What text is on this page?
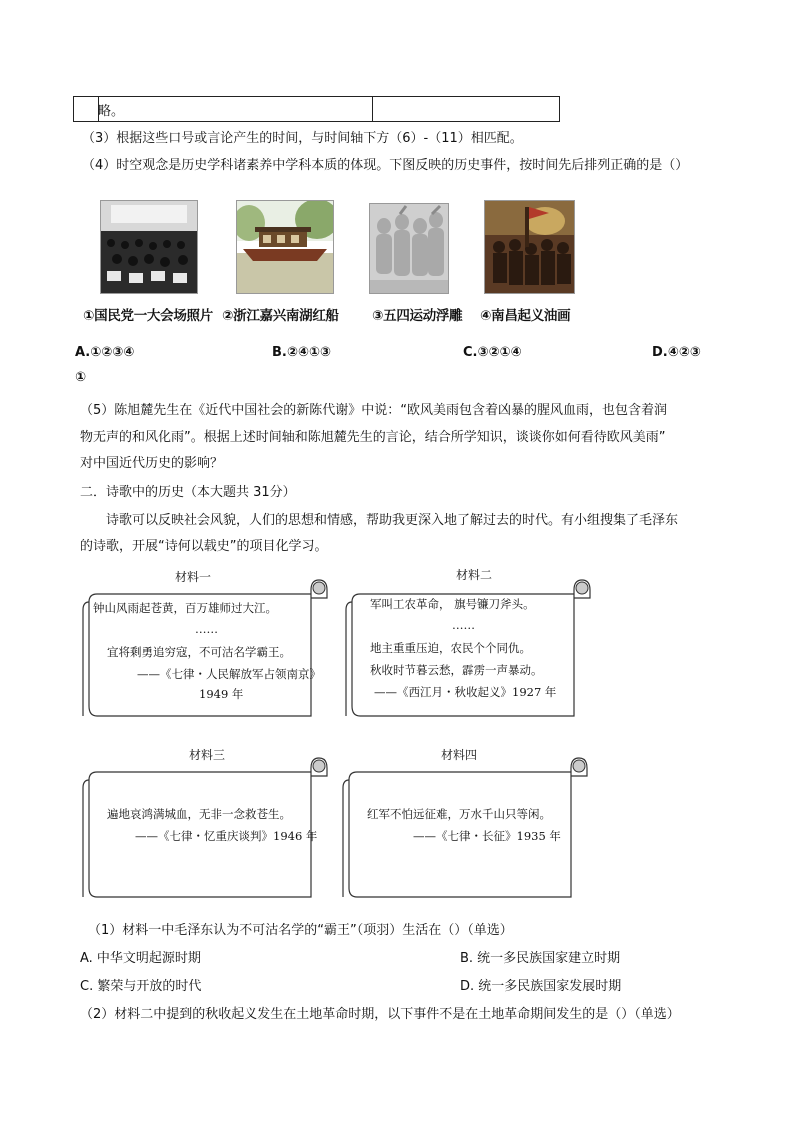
略。
（3）根据这些口号或言论产生的时间，与时间轴下方（6）-（11）相匹配。
（4）时空观念是历史学科诸素养中学科本质的体现。下图反映的历史事件，按时间先后排列正确的是（）
①国民党一大会场照片 ②浙江嘉兴南湖红船 ③五四运动浮雕 ④南昌起义油画
A.①②③④	B.②④①③	C.③②①④	D.④②③
①
（5）陈旭麓先生在《近代中国社会的新陈代谢》中说：“欧风美雨包含着凶暴的腥风血雨，也包含着润
物无声的和风化雨”。根据上述时间轴和陈旭麓先生的言论，结合所学知识，谈谈你如何看待欧风美雨”
对中国近代历史的影响？
二．诗歌中的历史（本大题共 31分）
诗歌可以反映社会风貌，人们的思想和情感，帮助我更深入地了解过去的时代。有小组搜集了毛泽东
的诗歌，开展“诗何以载史”的项目化学习。
材料一
钟山风雨起苍黄，百万雄师过大江。
……
宜将剩勇追穷寇，不可沽名学霸王。
——《七律・人民解放军占领南京》
1949 年
材料二
军叫工农革命， 旗号镰刀斧头。
……
地主重重压迫，农民个个同仇。
秋收时节暮云愁，霹雳一声暴动。
——《西江月・秋收起义》1927 年
材料三
遍地哀鸿满城血，无非一念救苍生。
——《七律・忆重庆谈判》1946 年
材料四
红军不怕远征难，万水千山只等闲。
——《七律・长征》1935 年
（1）材料一中毛泽东认为不可沽名学的“霸王”（项羽）生活在（）（单选）
A. 中华文明起源时期	B. 统一多民族国家建立时期
C. 繁荣与开放的时代	D. 统一多民族国家发展时期
（2）材料二中提到的秋收起义发生在土地革命时期，以下事件不是在土地革命期间发生的是（）（单选）
